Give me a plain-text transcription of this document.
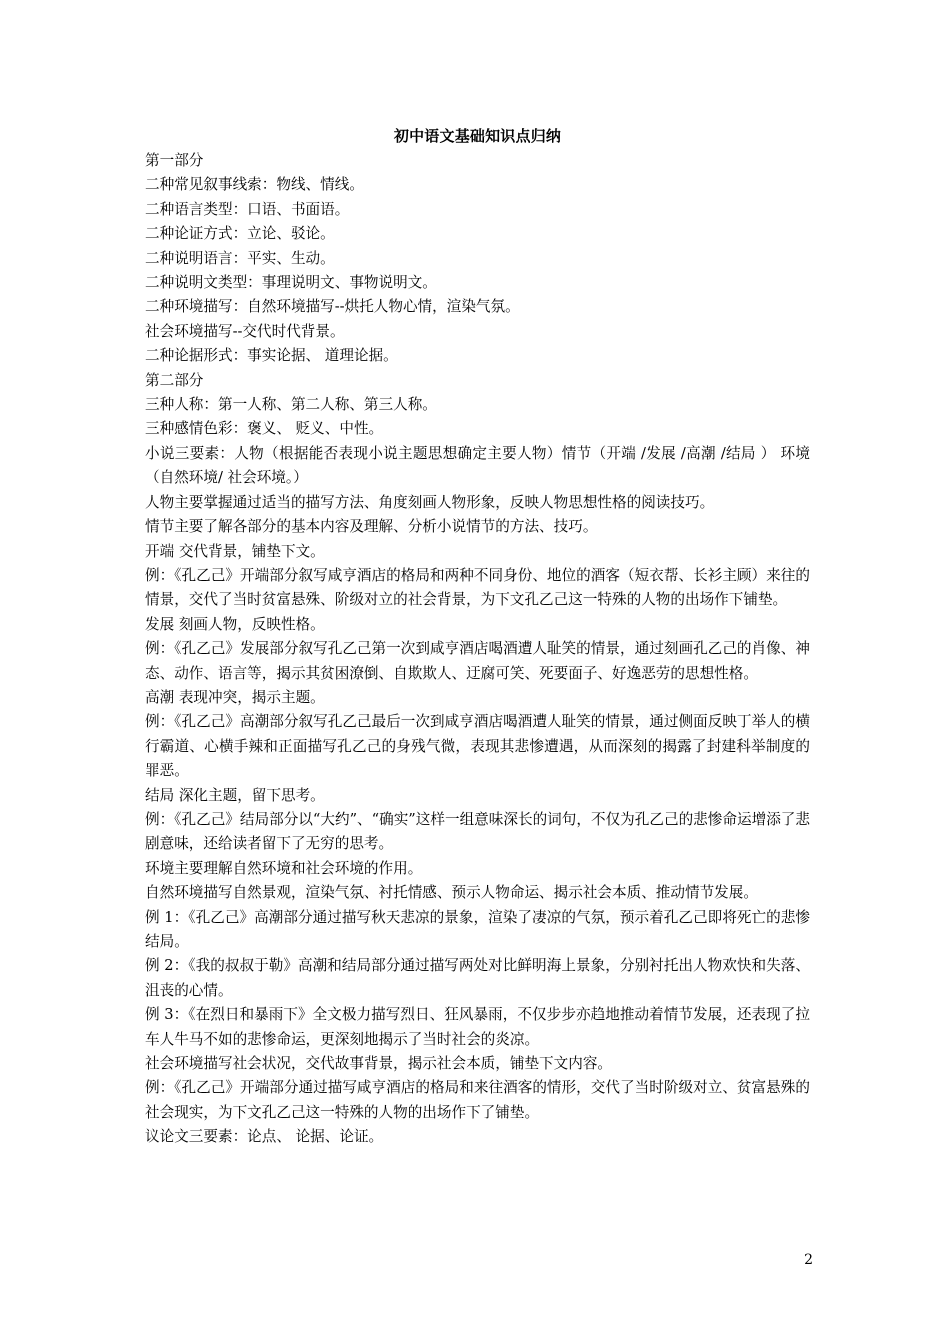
初中语文基础知识点归纳

第一部分

二种常见叙事线索：物线、情线。

二种语言类型：口语、书面语。

二种论证方式：立论、驳论。

二种说明语言：平实、生动。

二种说明文类型：事理说明文、事物说明文。

二种环境描写：自然环境描写--烘托人物心情，渲染气氛。

社会环境描写--交代时代背景。

二种论据形式：事实论据、 道理论据。

第二部分

三种人称：第一人称、第二人称、第三人称。

三种感情色彩：褒义、 贬义、中性。

小说三要素：人物（根据能否表现小说主题思想确定主要人物）情节（开端 /发展 /高潮 /结局 ） 环境（自然环境/ 社会环境。）

人物主要掌握通过适当的描写方法、角度刻画人物形象，反映人物思想性格的阅读技巧。

情节主要了解各部分的基本内容及理解、分析小说情节的方法、技巧。

开端 交代背景，铺垫下文。

例：《孔乙己》开端部分叙写咸亨酒店的格局和两种不同身份、地位的酒客（短衣帮、长衫主顾）来往的情景，交代了当时贫富悬殊、阶级对立的社会背景，为下文孔乙己这一特殊的人物的出场作下铺垫。

发展 刻画人物，反映性格。

例：《孔乙己》发展部分叙写孔乙己第一次到咸亨酒店喝酒遭人耻笑的情景，通过刻画孔乙己的肖像、神态、动作、语言等，揭示其贫困潦倒、自欺欺人、迂腐可笑、死要面子、好逸恶劳的思想性格。

高潮 表现冲突，揭示主题。

例：《孔乙己》高潮部分叙写孔乙己最后一次到咸亨酒店喝酒遭人耻笑的情景，通过侧面反映丁举人的横行霸道、心横手辣和正面描写孔乙己的身残气微，表现其悲惨遭遇，从而深刻的揭露了封建科举制度的罪恶。

结局 深化主题，留下思考。

例：《孔乙己》结局部分以“大约”、“确实”这样一组意味深长的词句，不仅为孔乙己的悲惨命运增添了悲剧意味，还给读者留下了无穷的思考。

环境主要理解自然环境和社会环境的作用。

自然环境描写自然景观，渲染气氛、衬托情感、预示人物命运、揭示社会本质、推动情节发展。

例 1：《孔乙己》高潮部分通过描写秋天悲凉的景象，渲染了凄凉的气氛，预示着孔乙己即将死亡的悲惨结局。

例 2：《我的叔叔于勒》高潮和结局部分通过描写两处对比鲜明海上景象，分别衬托出人物欢快和失落、沮丧的心情。

例 3：《在烈日和暴雨下》全文极力描写烈日、狂风暴雨，不仅步步亦趋地推动着情节发展，还表现了拉车人牛马不如的悲惨命运，更深刻地揭示了当时社会的炎凉。

社会环境描写社会状况，交代故事背景，揭示社会本质，铺垫下文内容。

例：《孔乙己》开端部分通过描写咸亨酒店的格局和来往酒客的情形，交代了当时阶级对立、贫富悬殊的社会现实，为下文孔乙己这一特殊的人物的出场作下了铺垫。

议论文三要素：论点、 论据、论证。

2
